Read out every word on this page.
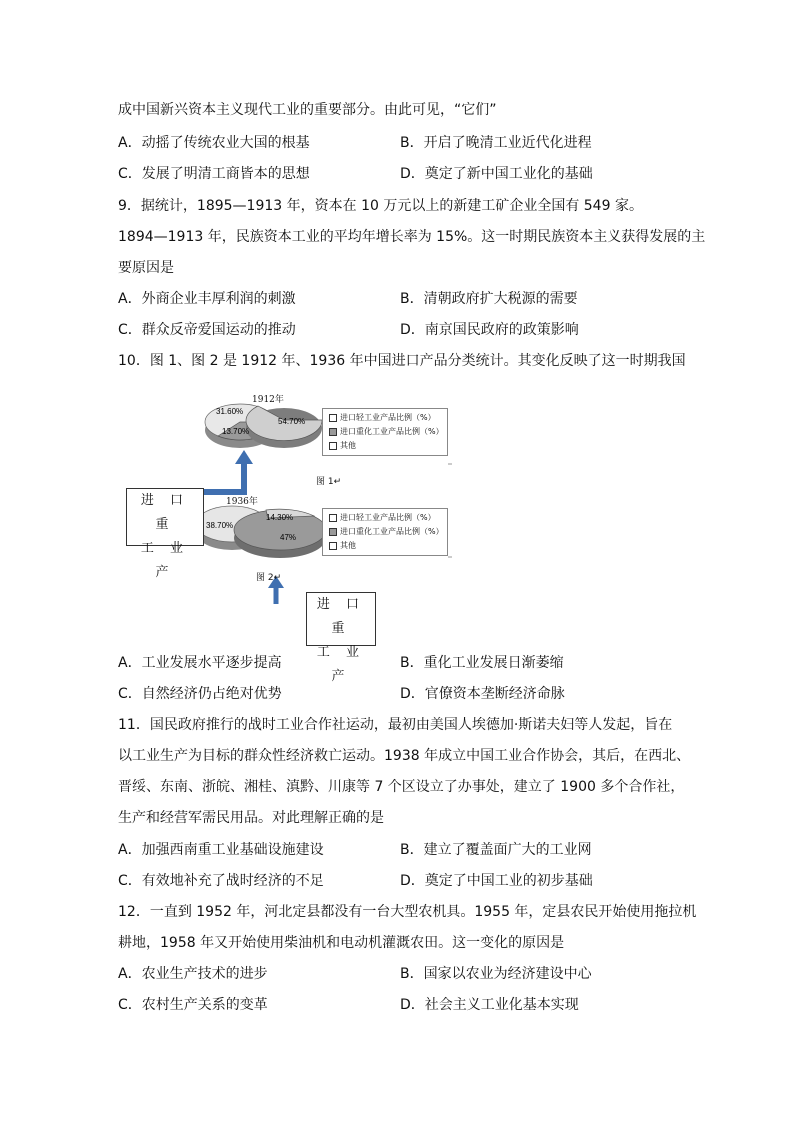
成中国新兴资本主义现代工业的重要部分。由此可见，“它们”
A．动摇了传统农业大国的根基	B．开启了晚清工业近代化进程
C．发展了明清工商皆本的思想	D．奠定了新中国工业化的基础
9．据统计，1895—1913 年，资本在 10 万元以上的新建工矿企业全国有 549 家。
1894—1913 年，民族资本工业的平均年增长率为 15%。这一时期民族资本主义获得发展的主
要原因是
A．外商企业丰厚利润的刺激	B．清朝政府扩大税源的需要
C．群众反帝爱国运动的推动	D．南京国民政府的政策影响
10．图 1、图 2 是 1912 年、1936 年中国进口产品分类统计。其变化反映了这一时期我国
1912年
31.60%
13.70%
54.70%
38.70%
14.30%
47%
进口轻工业产品比例（%）
进口重化工业产品比例（%）
其他
图 1↵
1936年
进口轻工业产品比例（%）
进口重化工业产品比例（%）
其他
图 2↵
进 口 重
工 业 产
进 口 重
工 业 产
A．工业发展水平逐步提高	B．重化工业发展日渐萎缩
C．自然经济仍占绝对优势	D．官僚资本垄断经济命脉
11．国民政府推行的战时工业合作社运动，最初由美国人埃德加·斯诺夫妇等人发起，旨在
以工业生产为目标的群众性经济救亡运动。1938 年成立中国工业合作协会，其后，在西北、
晋绥、东南、浙皖、湘桂、滇黔、川康等 7 个区设立了办事处，建立了 1900 多个合作社，
生产和经营军需民用品。对此理解正确的是
A．加强西南重工业基础设施建设	B．建立了覆盖面广大的工业网
C．有效地补充了战时经济的不足	D．奠定了中国工业的初步基础
12．一直到 1952 年，河北定县都没有一台大型农机具。1955 年，定县农民开始使用拖拉机
耕地，1958 年又开始使用柴油机和电动机灌溉农田。这一变化的原因是
A．农业生产技术的进步	B．国家以农业为经济建设中心
C．农村生产关系的变革	D．社会主义工业化基本实现
